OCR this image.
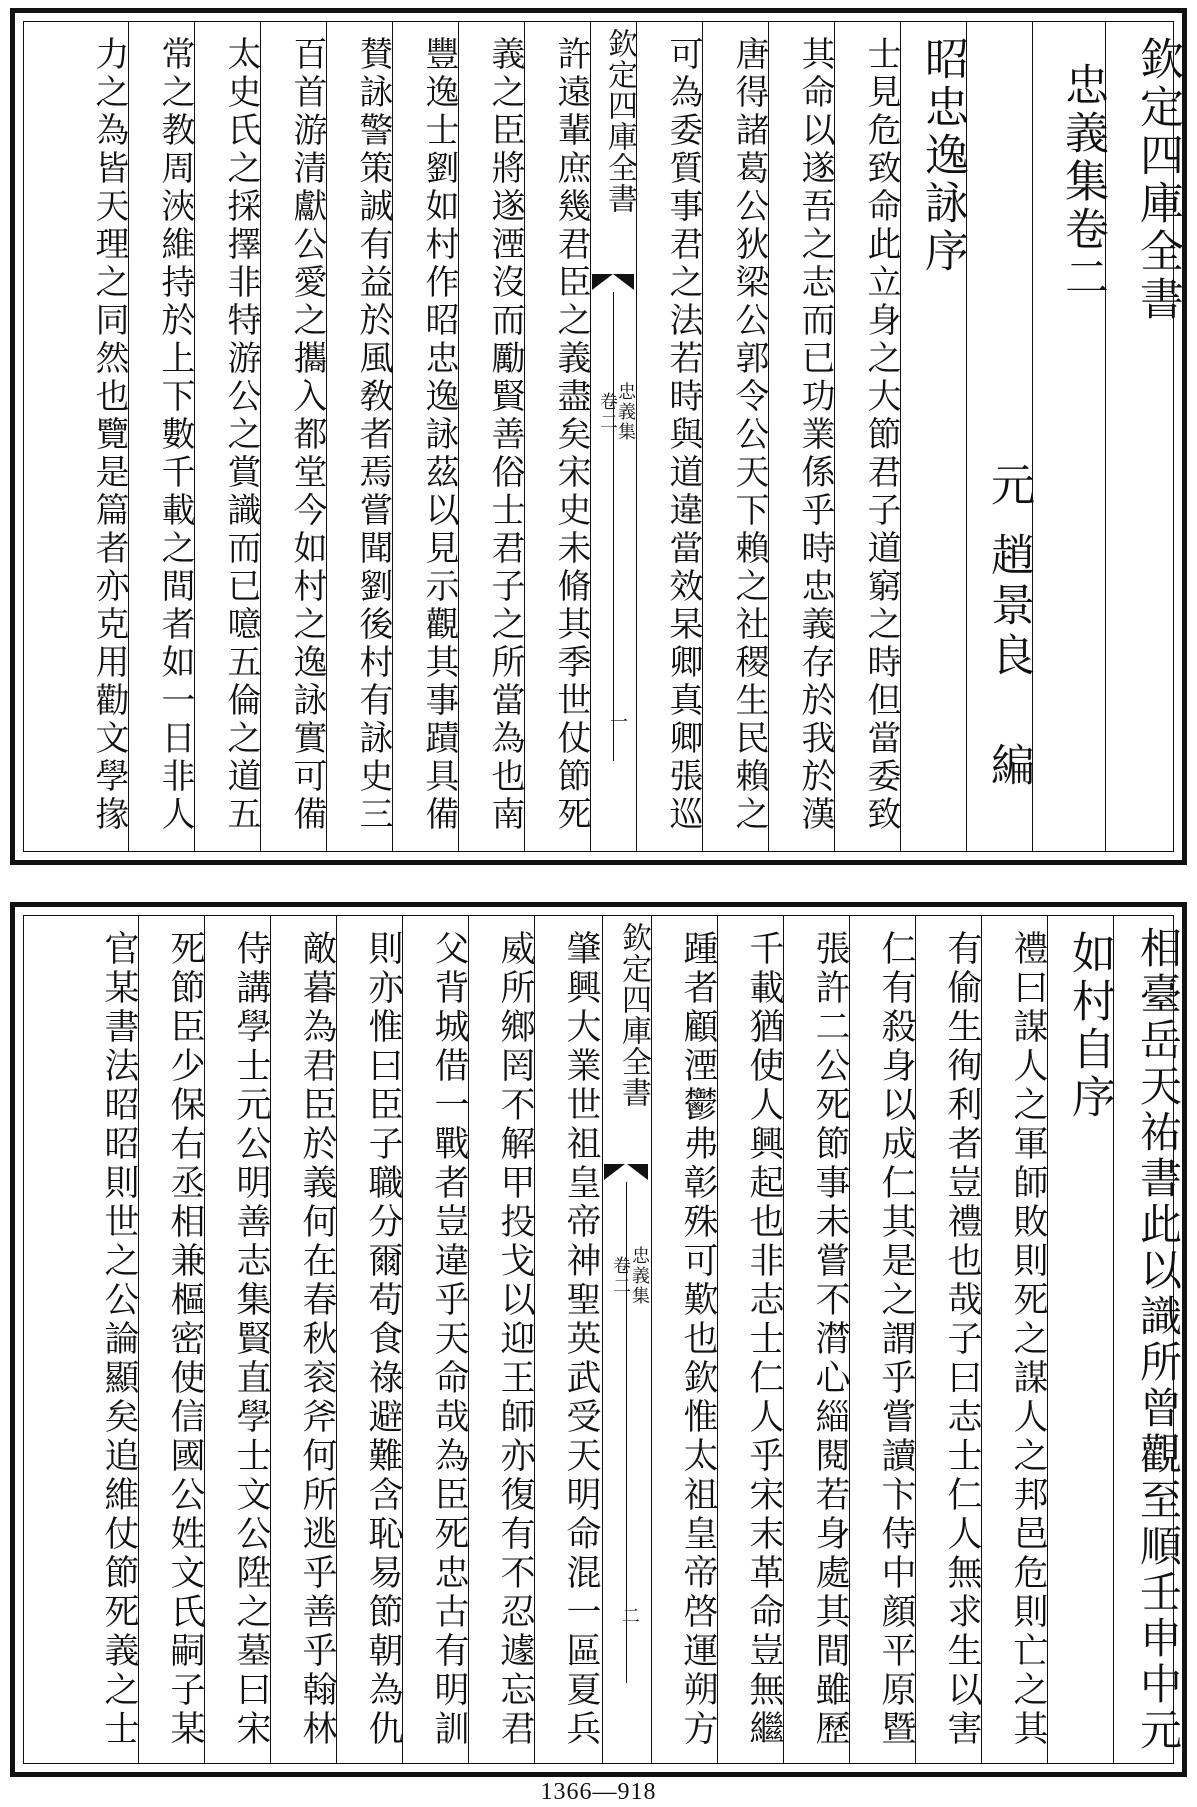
欽定四庫全書
忠義集卷二
元
趙景良
編
昭忠逸詠序
士見危致命此立身之大節君子道窮之時但當委致
其命以遂吾之志而已功業係乎時忠義存於我於漢
唐得諸葛公狄梁公郭令公天下賴之社稷生民賴之
可為委質事君之法若時與道違當效杲卿真卿張巡
欽定四庫全書
忠義集
卷二
一
許遠輩庶幾君臣之義盡矣宋史未脩其季世仗節死
義之臣將遂湮沒而勵賢善俗士君子之所當為也南
豐逸士劉如村作昭忠逸詠茲以見示觀其事蹟具備
賛詠警策誠有益於風敎者焉嘗聞劉後村有詠史三
百首游清獻公愛之攜入都堂今如村之逸詠實可備
太史氏之採擇非特游公之賞識而已噫五倫之道五
常之教周浹維持於上下數千載之間者如一日非人
力之為皆天理之同然也覽是篇者亦克用勸文學掾
相臺岳天祐書此以識所曾觀至順壬申中元
如村自序
禮曰謀人之軍師敗則死之謀人之邦邑危則亡之其
有偷生徇利者豈禮也哉子曰志士仁人無求生以害
仁有殺身以成仁其是之謂乎嘗讀卞侍中顔平原暨
張許二公死節事未嘗不潸心緇閱若身處其間雖歷
千載猶使人興起也非志士仁人乎宋末革命豈無繼
踵者顧湮鬱弗彰殊可歎也欽惟太祖皇帝啓運朔方
欽定四庫全書
忠義集
卷二
二
肇興大業世祖皇帝神聖英武受天明命混一區夏兵
威所鄉罔不解甲投戈以迎王師亦復有不忍遽忘君
父背城借一戰者豈違乎天命哉為臣死忠古有明訓
則亦惟曰臣子職分爾苟食祿避難含恥易節朝為仇
敵暮為君臣於義何在春秋衮斧何所逃乎善乎翰林
侍講學士元公明善志集賢直學士文公陞之墓曰宋
死節臣少保右丞相兼樞密使信國公姓文氏嗣子某
官某書法昭昭則世之公論顯矣追維仗節死義之士
1366—918
